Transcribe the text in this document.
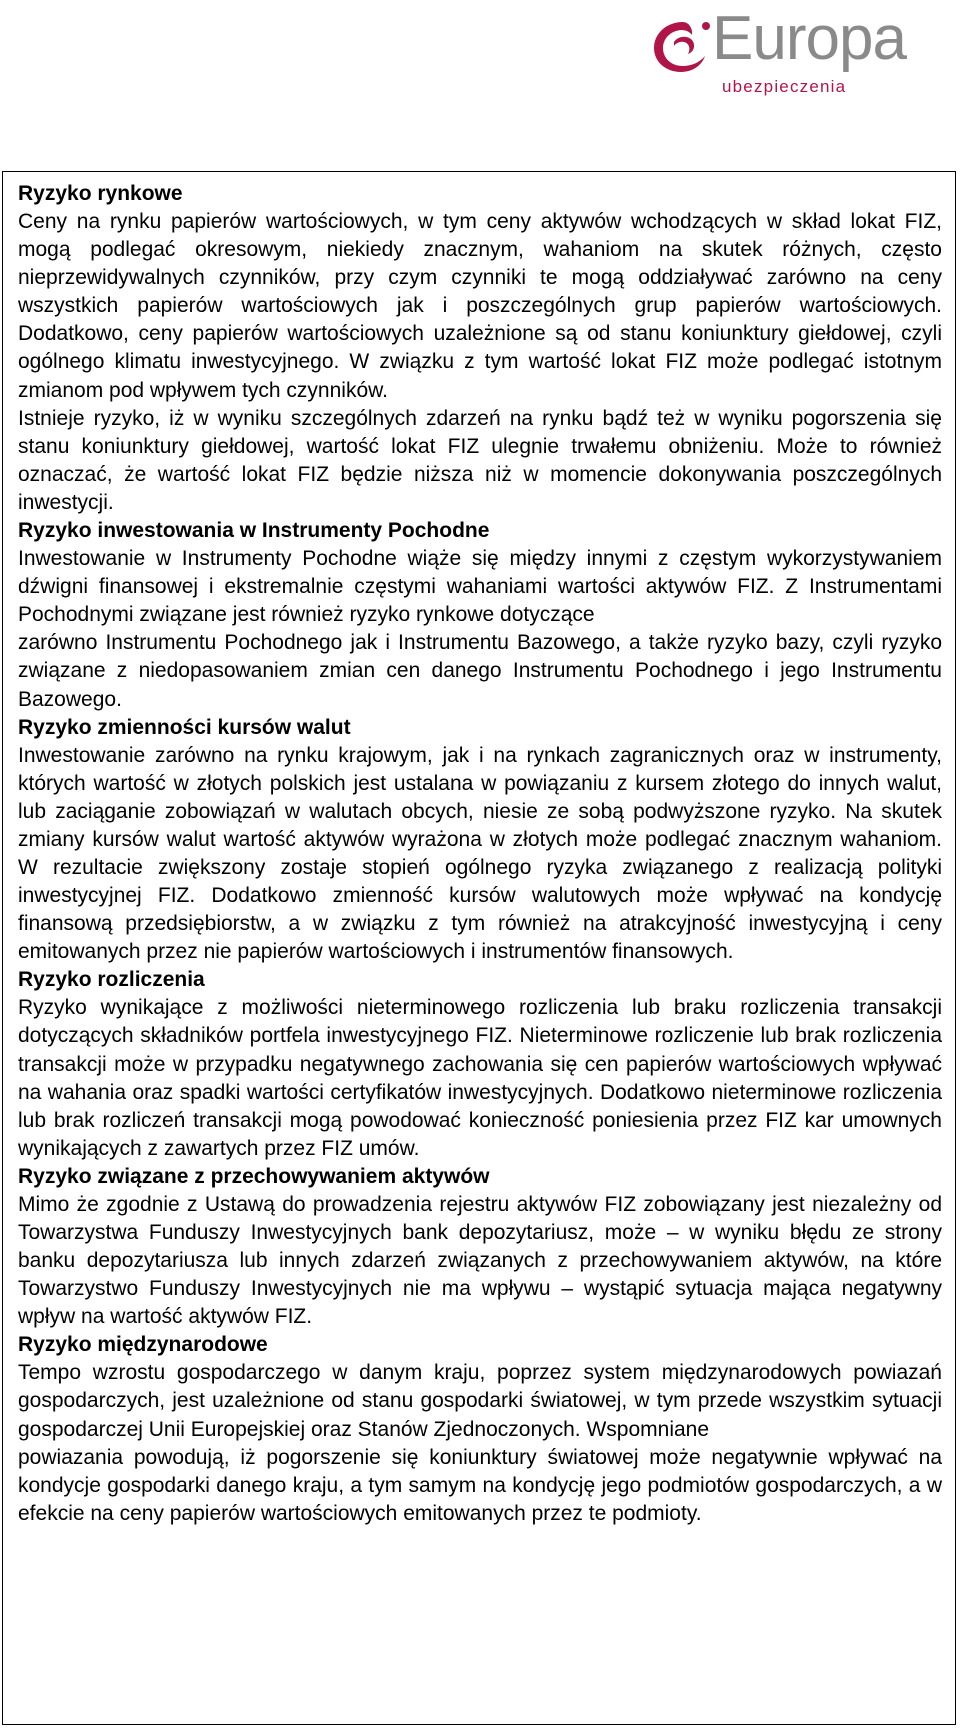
Europa
ubezpieczenia
Ryzyko rynkowe

Ceny na rynku papierów wartościowych, w tym ceny aktywów wchodzących w skład lokat FIZ, mogą podlegać okresowym, niekiedy znacznym, wahaniom na skutek różnych, często nieprzewidywalnych czynników, przy czym czynniki te mogą oddziaływać zarówno na ceny wszystkich papierów wartościowych jak i poszczególnych grup papierów wartościowych. Dodatkowo, ceny papierów wartościowych uzależnione są od stanu koniunktury giełdowej, czyli ogólnego klimatu inwestycyjnego. W związku z tym wartość lokat FIZ może podlegać istotnym zmianom pod wpływem tych czynników.

Istnieje ryzyko, iż w wyniku szczególnych zdarzeń na rynku bądź też w wyniku pogorszenia się stanu koniunktury giełdowej, wartość lokat FIZ ulegnie trwałemu obniżeniu. Może to również oznaczać, że wartość lokat FIZ będzie niższa niż w momencie dokonywania poszczególnych inwestycji.

Ryzyko inwestowania w Instrumenty Pochodne

Inwestowanie w Instrumenty Pochodne wiąże się między innymi z częstym wykorzystywaniem dźwigni finansowej i ekstremalnie częstymi wahaniami wartości aktywów FIZ. Z Instrumentami Pochodnymi związane jest również ryzyko rynkowe dotyczące

zarówno Instrumentu Pochodnego jak i Instrumentu Bazowego, a także ryzyko bazy, czyli ryzyko związane z niedopasowaniem zmian cen danego Instrumentu Pochodnego i jego Instrumentu Bazowego.

Ryzyko zmienności kursów walut

Inwestowanie zarówno na rynku krajowym, jak i na rynkach zagranicznych oraz w instrumenty, których wartość w złotych polskich jest ustalana w powiązaniu z kursem złotego do innych walut, lub zaciąganie zobowiązań w walutach obcych, niesie ze sobą podwyższone ryzyko. Na skutek zmiany kursów walut wartość aktywów wyrażona w złotych może podlegać znacznym wahaniom. W rezultacie zwiększony zostaje stopień ogólnego ryzyka związanego z realizacją polityki inwestycyjnej FIZ. Dodatkowo zmienność kursów walutowych może wpływać na kondycję finansową przedsiębiorstw, a w związku z tym również na atrakcyjność inwestycyjną i ceny emitowanych przez nie papierów wartościowych i instrumentów finansowych.

Ryzyko rozliczenia

Ryzyko wynikające z możliwości nieterminowego rozliczenia lub braku rozliczenia transakcji dotyczących składników portfela inwestycyjnego FIZ. Nieterminowe rozliczenie lub brak rozliczenia transakcji może w przypadku negatywnego zachowania się cen papierów wartościowych wpływać na wahania oraz spadki wartości certyfikatów inwestycyjnych. Dodatkowo nieterminowe rozliczenia lub brak rozliczeń transakcji mogą powodować konieczność poniesienia przez FIZ kar umownych wynikających z zawartych przez FIZ umów.

Ryzyko związane z przechowywaniem aktywów

Mimo że zgodnie z Ustawą do prowadzenia rejestru aktywów FIZ zobowiązany jest niezależny od Towarzystwa Funduszy Inwestycyjnych bank depozytariusz, może – w wyniku błędu ze strony banku depozytariusza lub innych zdarzeń związanych z przechowywaniem aktywów, na które Towarzystwo Funduszy Inwestycyjnych nie ma wpływu – wystąpić sytuacja mająca negatywny wpływ na wartość aktywów FIZ.

Ryzyko międzynarodowe

Tempo wzrostu gospodarczego w danym kraju, poprzez system międzynarodowych powiazań gospodarczych, jest uzależnione od stanu gospodarki światowej, w tym przede wszystkim sytuacji gospodarczej Unii Europejskiej oraz Stanów Zjednoczonych. Wspomniane

powiazania powodują, iż pogorszenie się koniunktury światowej może negatywnie wpływać na kondycje gospodarki danego kraju, a tym samym na kondycję jego podmiotów gospodarczych, a w efekcie na ceny papierów wartościowych emitowanych przez te podmioty.
